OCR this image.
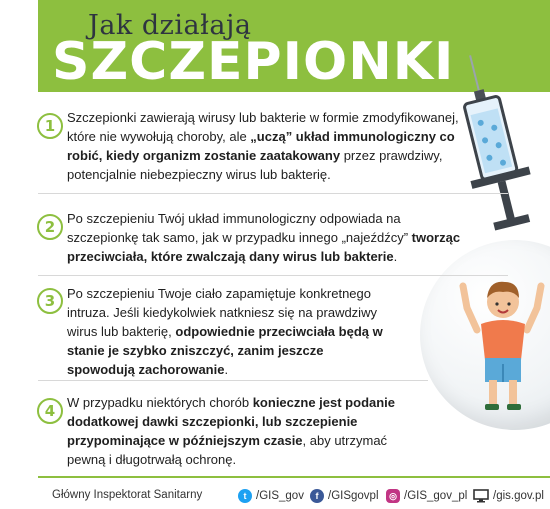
Jak działają
SZCZEPIONKI
1 Szczepionki zawierają wirusy lub bakterie w formie zmodyfikowanej, które nie wywołują choroby, ale „uczą” układ immunologiczny co robić, kiedy organizm zostanie zaatakowany przez prawdziwy, potencjalnie niebezpieczny wirus lub bakterię.
2 Po szczepieniu Twój układ immunologiczny odpowiada na szczepionkę tak samo, jak w przypadku innego „najeźdźcy” tworząc przeciwciała, które zwalczają dany wirus lub bakterie.
3 Po szczepieniu Twoje ciało zapamiętuje konkretnego intruza. Jeśli kiedykolwiek natkniesz się na prawdziwy wirus lub bakterię, odpowiednie przeciwciała będą w stanie je szybko zniszczyć, zanim jeszcze spowodują zachorowanie.
4 W przypadku niektórych chorób konieczne jest podanie dodatkowej dawki szczepionki, lub szczepienie przypominające w późniejszym czasie, aby utrzymać pewną i długotrwałą ochronę.
Główny Inspektorat Sanitarny	t /GIS_gov	f /GISgovpl	◎ /GIS_gov_pl /gis.gov.pl
